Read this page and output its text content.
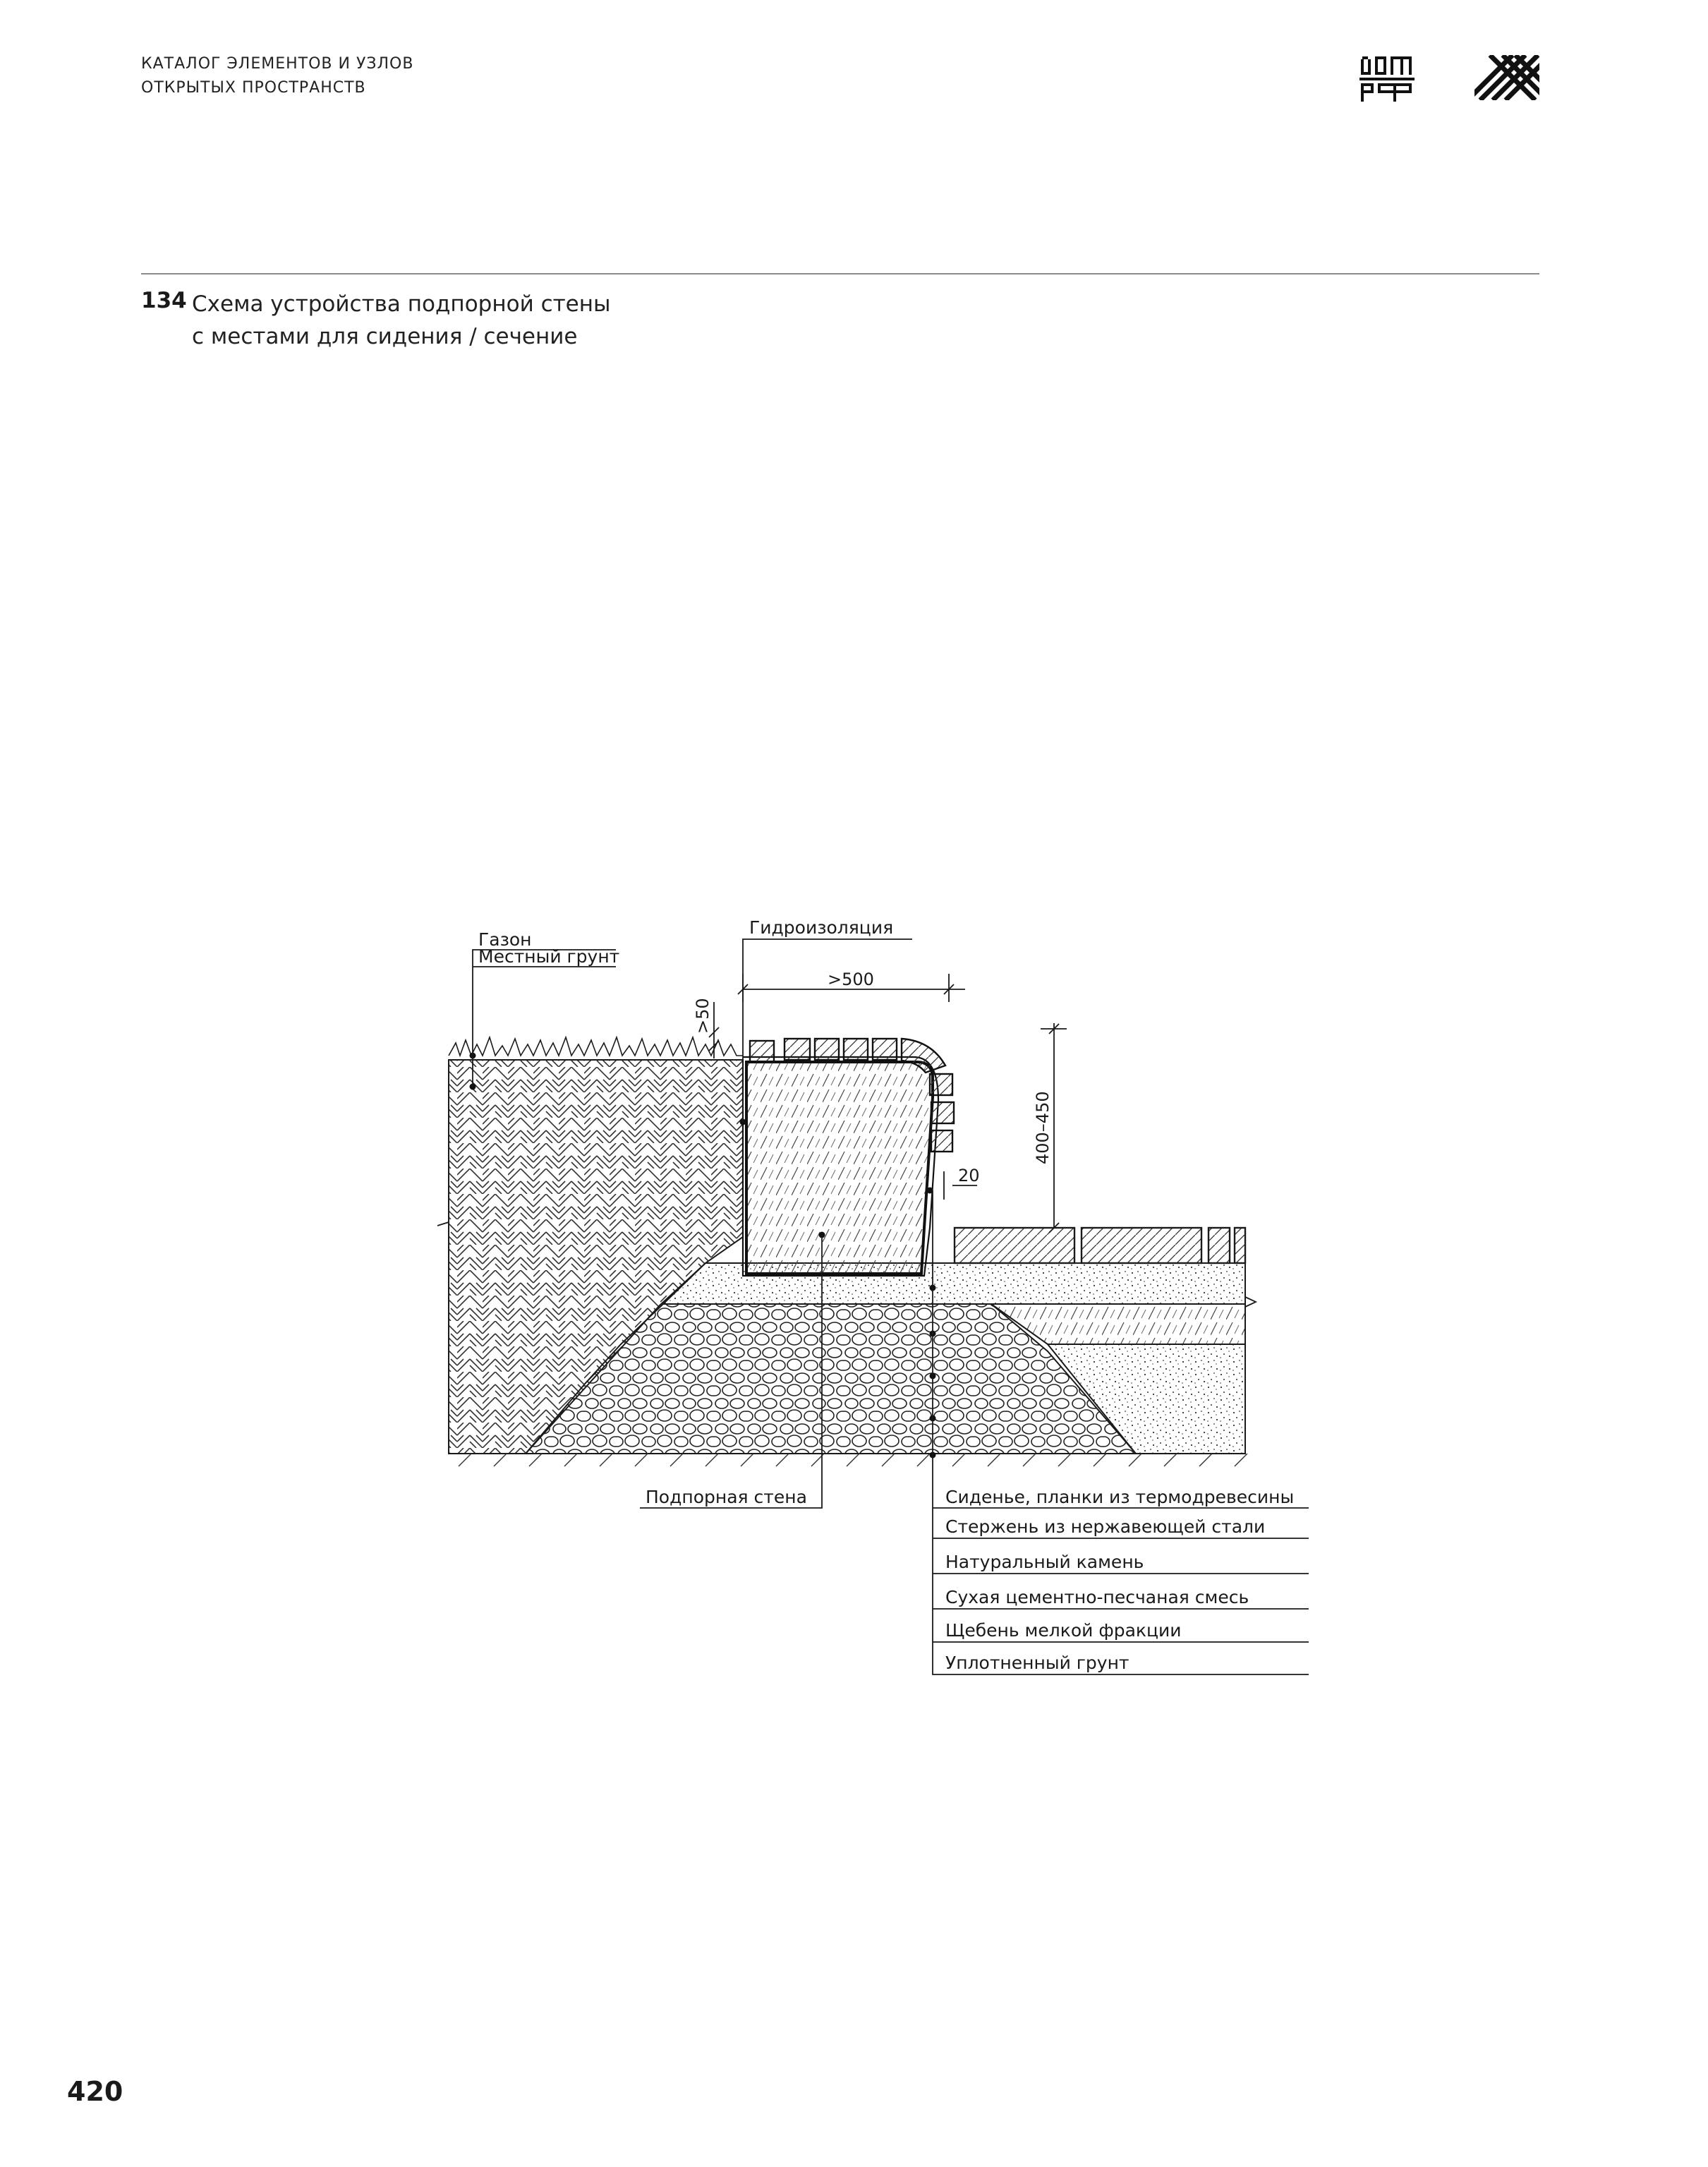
КАТАЛОГ ЭЛЕМЕНТОВ И УЗЛОВ
ОТКРЫТЫХ ПРОСТРАНСТВ
134 Схема устройства подпорной стены
с местами для сидения / сечение
>500
>50
400–450
20
Газон
Местный грунт
Гидроизоляция
Подпорная стена	Сиденье, планки из термодревесины
Стержень из нержавеющей стали
Натуральный камень
Сухая цементно-песчаная смесь
Щебень мелкой фракции
Уплотненный грунт
420
